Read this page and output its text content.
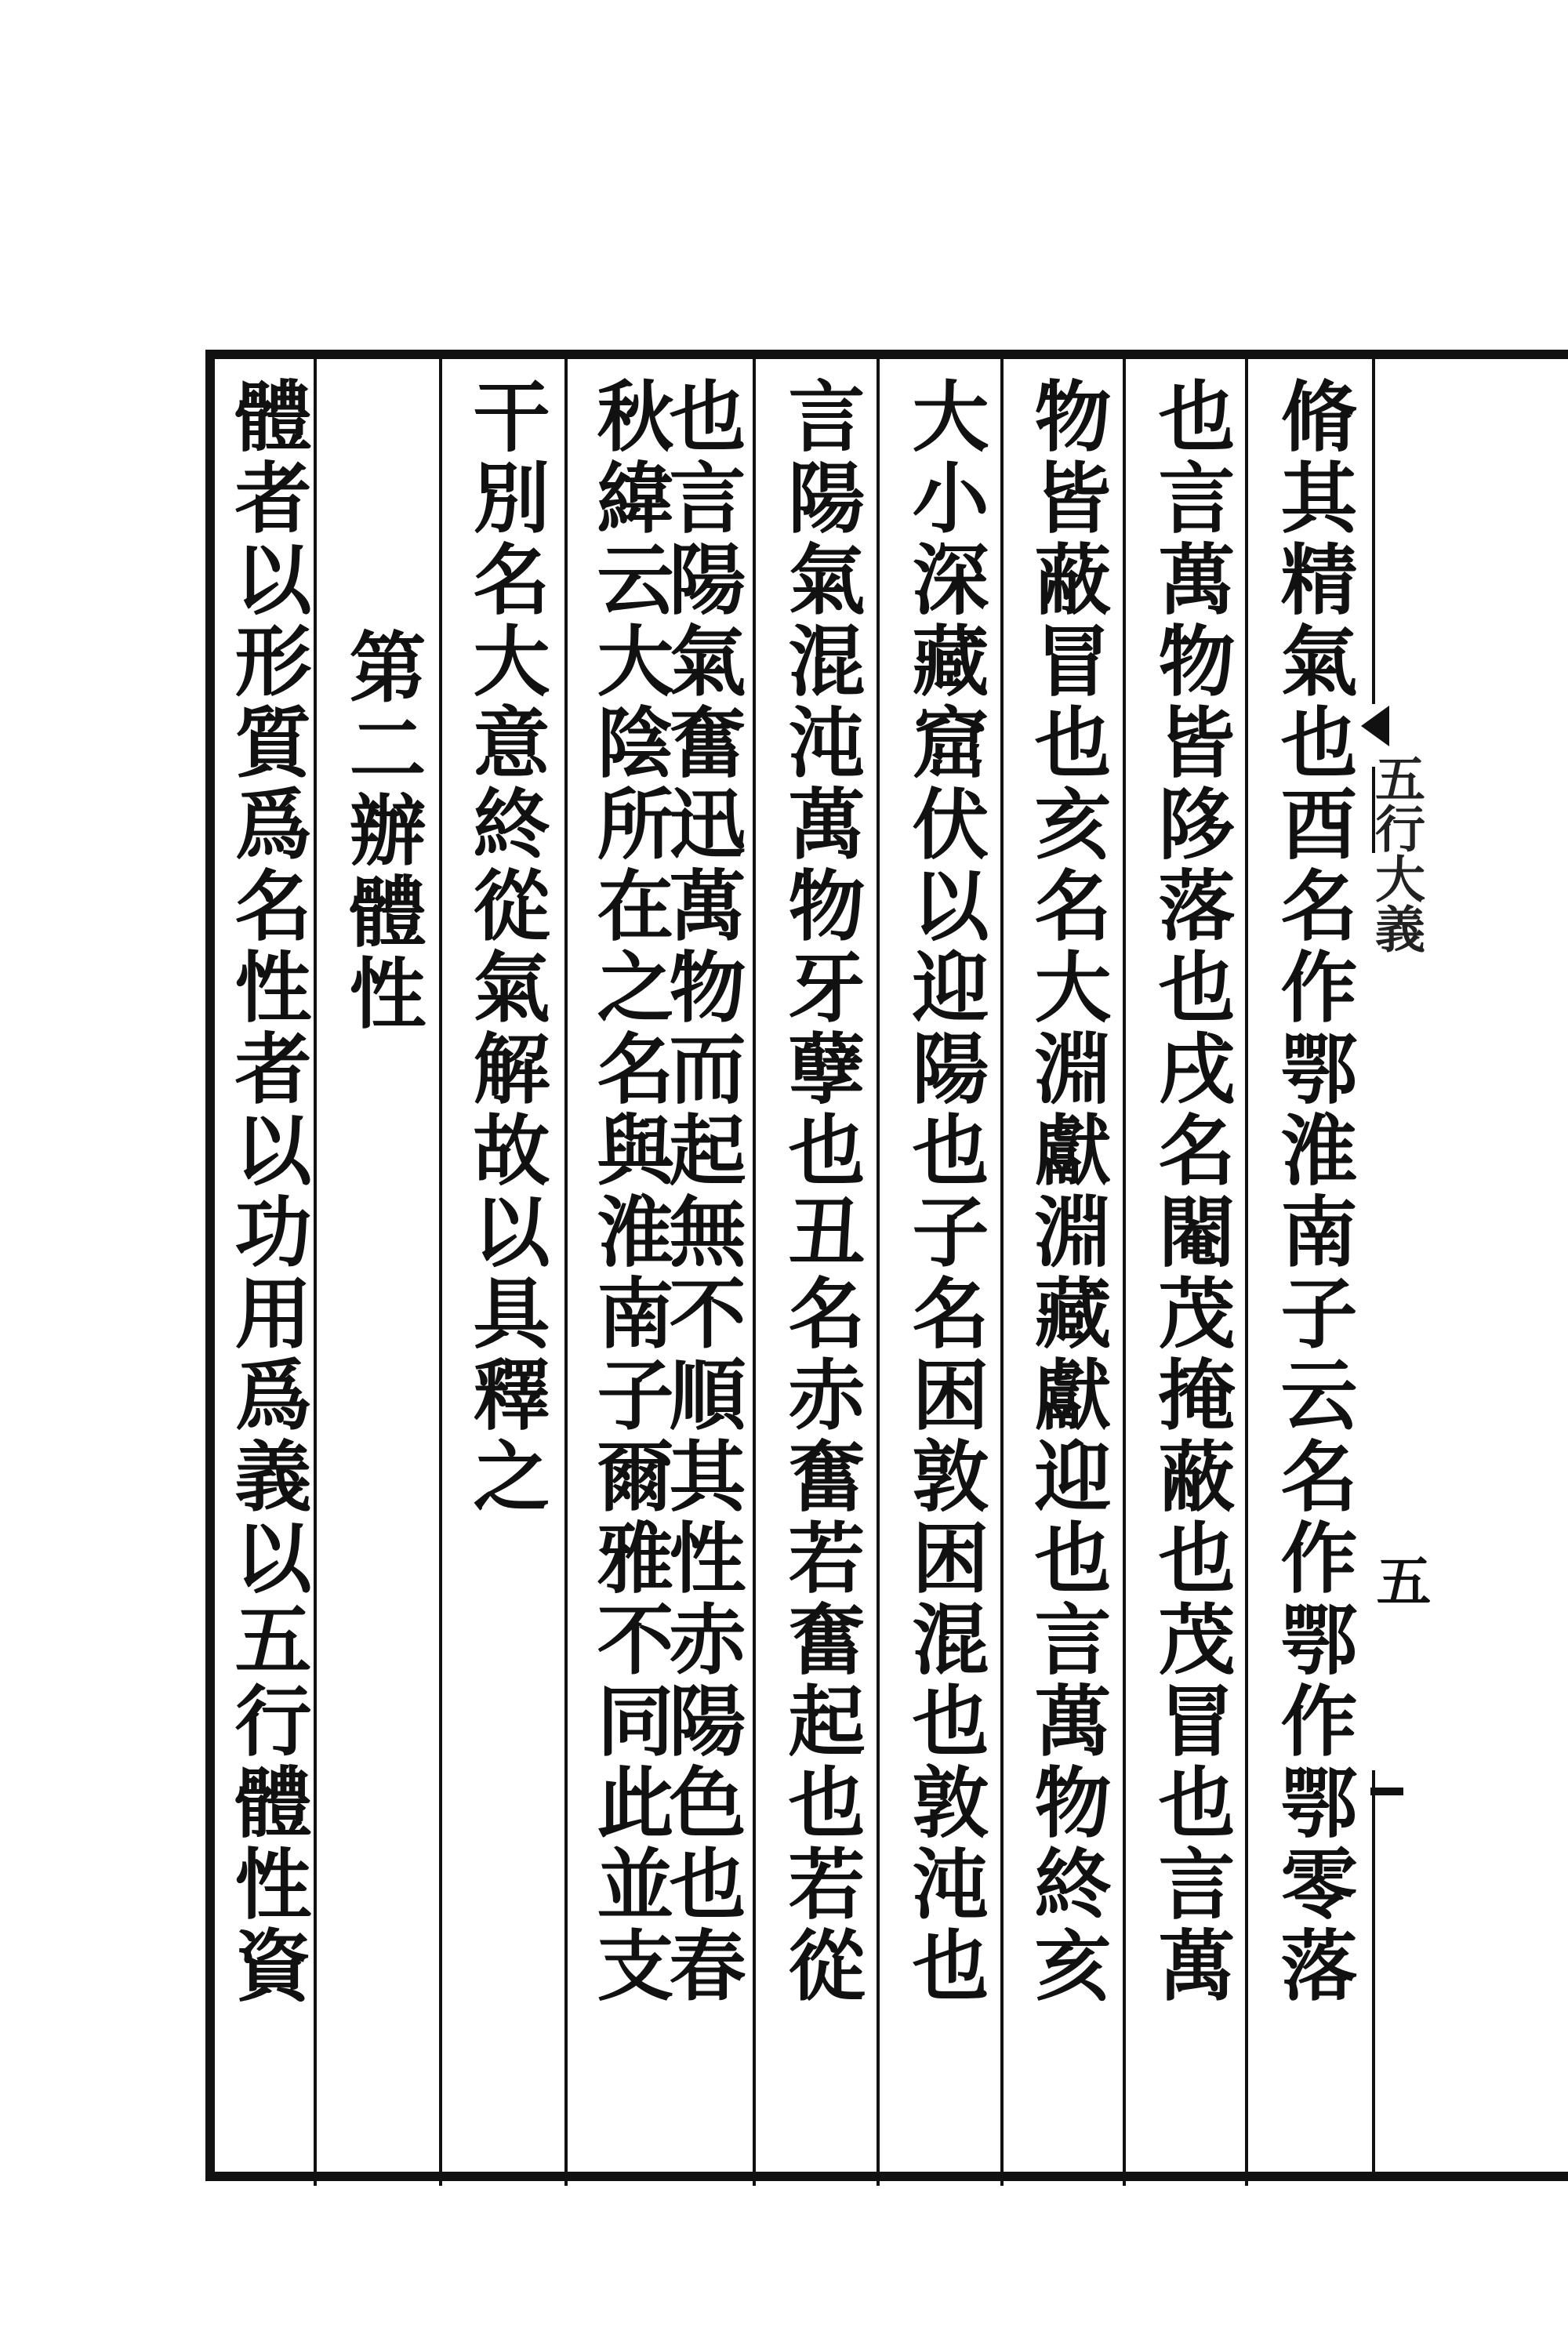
五行大義
五

脩其精氣也酉名作鄂淮南子云名作鄂作鄂零落

也言萬物皆陊落也戌名閹茂掩蔽也茂冒也言萬

物皆蔽冒也亥名大淵獻淵藏獻迎也言萬物終亥

大小深藏窟伏以迎陽也子名困敦困混也敦沌也

言陽氣混沌萬物牙孽也丑名赤奮若奮起也若從

也言陽氣奮迅萬物而起無不順其性赤陽色也春

秋緯云大陰所在之名與淮南子爾雅不同此並支

干別名大意終從氣解故以具釋之

第二辦體性

體者以形質爲名性者以功用爲義以五行體性資
